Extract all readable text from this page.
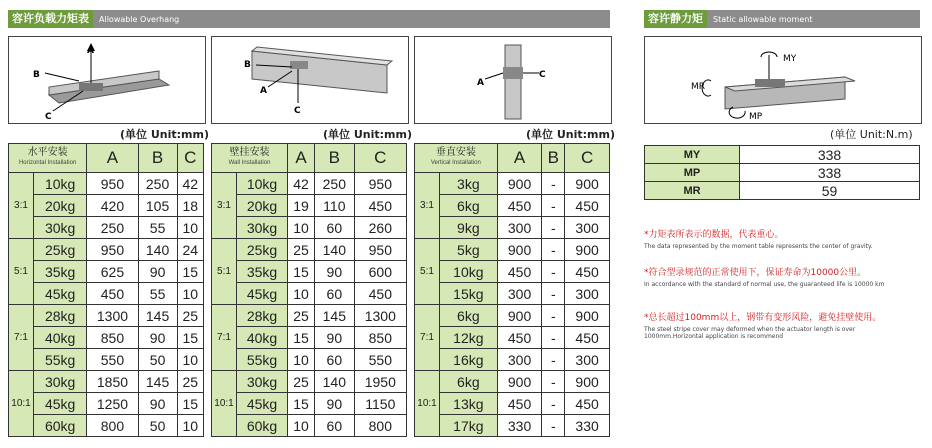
容许负载力矩表 Allowable Overhang	容许静力矩 Static allowable moment
A
B
C
B
A
C
A
C
MY
MR
MP
(单位 Unit:mm)	(单位 Unit:mm)	(单位 Unit:mm)	(单位 Unit:N.m)
水平安装
Horizontal Installation		A	B	C
3:1	10kg	950	250	42
	20kg	420	105	18
	30kg	250	55	10
5:1	25kg	950	140	24
	35kg	625	90	15
	45kg	450	55	10
7:1	28kg	1300	145	25
	40kg	850	90	15
	55kg	550	50	10
10:1	30kg	1850	145	25
	45kg	1250	90	15
	60kg	800	50	10
壁挂安装
Wall Installation		A	B	C
3:1	10kg	42	250	950
	20kg	19	110	450
	30kg	10	60	260
5:1	25kg	25	140	950
	35kg	15	90	600
	45kg	10	60	450
7:1	28kg	25	145	1300
	40kg	15	90	850
	55kg	10	60	550
10:1	30kg	25	140	1950
	45kg	15	90	1150
	60kg	10	60	800
垂直安装
Vertical Installation		A	B	C
3:1	3kg	900	-	900
	6kg	450	-	450
	9kg	300	-	300
5:1	5kg	900	-	900
	10kg	450	-	450
	15kg	300	-	300
7:1	6kg	900	-	900
	12kg	450	-	450
	16kg	300	-	300
10:1	6kg	900	-	900
	13kg	450	-	450
	17kg	330	-	330
MY	338
MP	338
MR	59
*力矩表所表示的数据，代表重心。
The data represented by the moment table represents the center of gravity.
*符合型录规范的正常使用下，保证寿命为10000公里。
In accordance with the standard of normal use, the guaranteed life is 10000 km
*总长超过100mm以上，钢带有变形风险，避免挂壁使用。
The steel stripe cover may deformed when the actuator length is over 1000mm.Horizontal application is recommend
